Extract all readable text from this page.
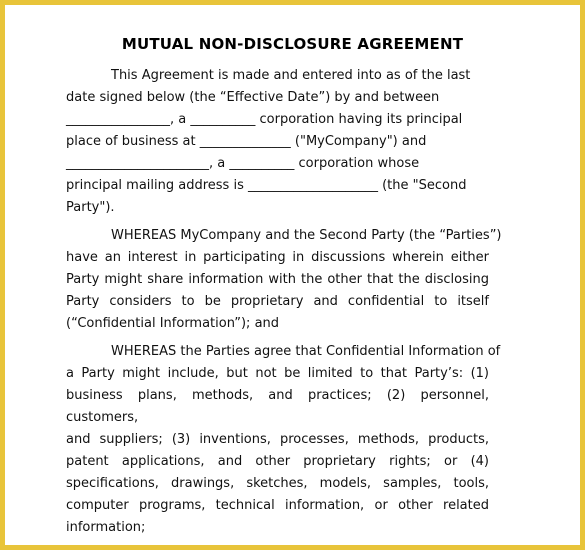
MUTUAL NON-DISCLOSURE AGREEMENT
This Agreement is made and entered into as of the last
date signed below (the “Effective Date”) by and between
________________, a __________ corporation having its principal
place of business at ______________ ("MyCompany") and
______________________, a __________ corporation whose
principal mailing address is ____________________ (the "Second
Party").
WHEREAS MyCompany and the Second Party (the “Parties”)
have an interest in participating in discussions wherein either
Party might share information with the other that the disclosing
Party considers to be proprietary and confidential to itself
(“Confidential Information”); and
WHEREAS the Parties agree that Confidential Information of
a Party might include, but not be limited to that Party’s: (1)
business plans, methods, and practices; (2) personnel, customers,
and suppliers; (3) inventions, processes, methods, products,
patent applications, and other proprietary rights; or (4)
specifications, drawings, sketches, models, samples, tools,
computer programs, technical information, or other related
information;
